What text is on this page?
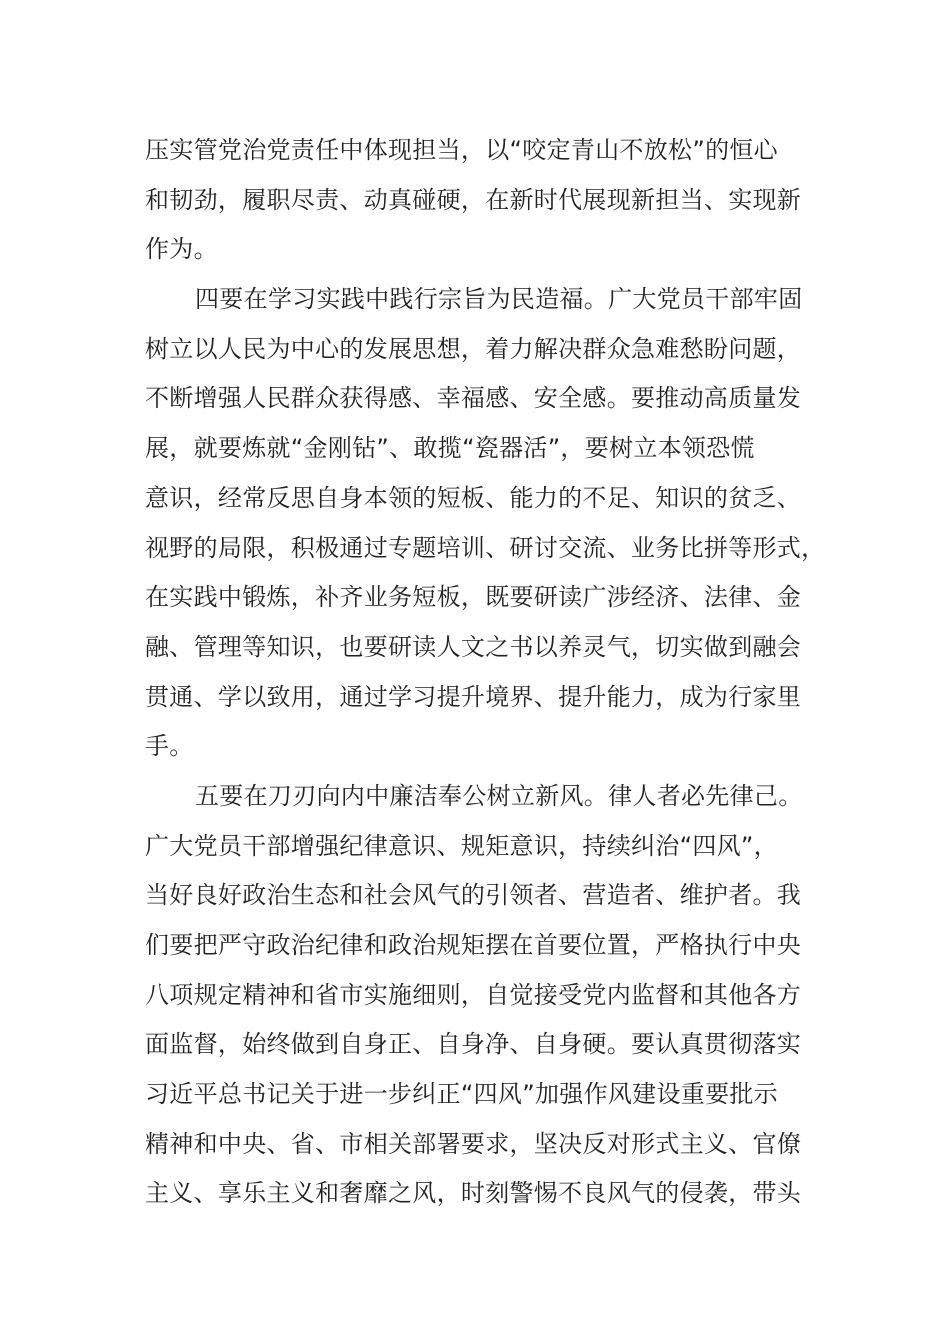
压实管党治党责任中体现担当，以“咬定青山不放松”的恒心
和韧劲，履职尽责、动真碰硬，在新时代展现新担当、实现新
作为。
四要在学习实践中践行宗旨为民造福。广大党员干部牢固
树立以人民为中心的发展思想，着力解决群众急难愁盼问题，
不断增强人民群众获得感、幸福感、安全感。要推动高质量发
展，就要炼就“金刚钻”、敢揽“瓷器活”，要树立本领恐慌
意识，经常反思自身本领的短板、能力的不足、知识的贫乏、
视野的局限，积极通过专题培训、研讨交流、业务比拼等形式，
在实践中锻炼，补齐业务短板，既要研读广涉经济、法律、金
融、管理等知识，也要研读人文之书以养灵气，切实做到融会
贯通、学以致用，通过学习提升境界、提升能力，成为行家里
手。
五要在刀刃向内中廉洁奉公树立新风。律人者必先律己。
广大党员干部增强纪律意识、规矩意识，持续纠治“四风”，
当好良好政治生态和社会风气的引领者、营造者、维护者。我
们要把严守政治纪律和政治规矩摆在首要位置，严格执行中央
八项规定精神和省市实施细则，自觉接受党内监督和其他各方
面监督，始终做到自身正、自身净、自身硬。要认真贯彻落实
习近平总书记关于进一步纠正“四风”加强作风建设重要批示
精神和中央、省、市相关部署要求，坚决反对形式主义、官僚
主义、享乐主义和奢靡之风，时刻警惕不良风气的侵袭，带头
